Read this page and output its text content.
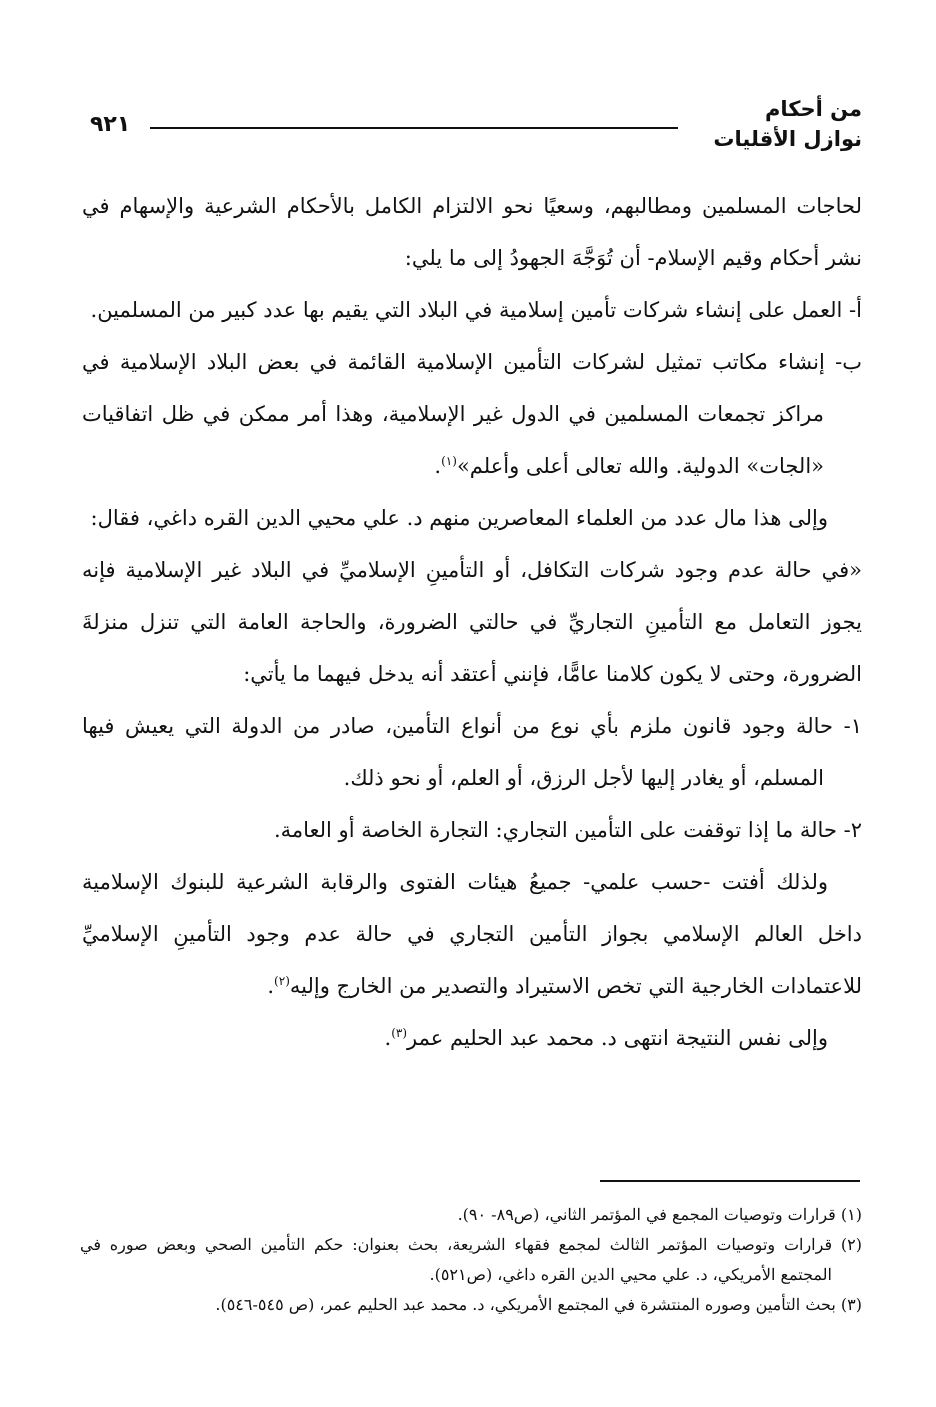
من أحكام
نوازل الأقليات
٩٢١

لحاجات المسلمين ومطالبهم، وسعيًا نحو الالتزام الكامل بالأحكام الشرعية والإسهام في نشر أحكام وقيم الإسلام- أن تُوَجَّهَ الجهودُ إلى ما يلي:

أ- العمل على إنشاء شركات تأمين إسلامية في البلاد التي يقيم بها عدد كبير من المسلمين.

ب- إنشاء مكاتب تمثيل لشركات التأمين الإسلامية القائمة في بعض البلاد الإسلامية في مراكز تجمعات المسلمين في الدول غير الإسلامية، وهذا أمر ممكن في ظل اتفاقيات «الجات» الدولية. والله تعالى أعلى وأعلم»$^{(١)}$.

وإلى هذا مال عدد من العلماء المعاصرين منهم د. علي محيي الدين القره داغي، فقال:

«في حالة عدم وجود شركات التكافل، أو التأمينِ الإسلاميِّ في البلاد غير الإسلامية فإنه يجوز التعامل مع التأمينِ التجاريِّ في حالتي الضرورة، والحاجة العامة التي تنزل منزلةَ الضرورة، وحتى لا يكون كلامنا عامًّا، فإنني أعتقد أنه يدخل فيهما ما يأتي:

١- حالة وجود قانون ملزم بأي نوع من أنواع التأمين، صادر من الدولة التي يعيش فيها المسلم، أو يغادر إليها لأجل الرزق، أو العلم، أو نحو ذلك.

٢- حالة ما إذا توقفت على التأمين التجاري: التجارة الخاصة أو العامة.

ولذلك أفتت -حسب علمي- جميعُ هيئات الفتوى والرقابة الشرعية للبنوك الإسلامية داخل العالم الإسلامي بجواز التأمين التجاري في حالة عدم وجود التأمينِ الإسلاميِّ للاعتمادات الخارجية التي تخص الاستيراد والتصدير من الخارج وإليه$^{(٢)}$.

وإلى نفس النتيجة انتهى د. محمد عبد الحليم عمر$^{(٣)}$.

(١) قرارات وتوصيات المجمع في المؤتمر الثاني، (ص٨٩- ٩٠).

(٢) قرارات وتوصيات المؤتمر الثالث لمجمع فقهاء الشريعة، بحث بعنوان: حكم التأمين الصحي وبعض صوره في المجتمع الأمريكي، د. علي محيي الدين القره داغي، (ص٥٢١).

(٣) بحث التأمين وصوره المنتشرة في المجتمع الأمريكي، د. محمد عبد الحليم عمر، (ص ٥٤٥-٥٤٦).
